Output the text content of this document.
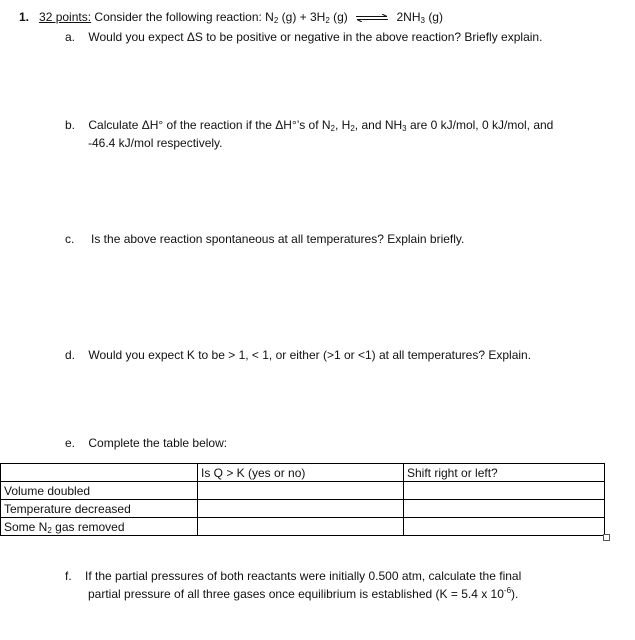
1. 32 points: Consider the following reaction: $N_2$ $(g) + 3H_2$ (g) ⇌ $2NH_3$ (g)
a. Would you expect ΔS to be positive or negative in the above reaction? Briefly explain.
b. Calculate ΔH° of the reaction if the ΔH°’s of $N_2$, $H_2$, and $NH_3$ are 0 kJ/mol, 0 kJ/mol, and
-46.4 kJ/mol respectively.
c. Is the above reaction spontaneous at all temperatures? Explain briefly.
d. Would you expect K to be > 1, < 1, or either (>1 or <1) at all temperatures? Explain.
e. Complete the table below:
	Is Q > K (yes or no)	Shift right or left?
Volume doubled		
Temperature decreased		
Some $N_2$ gas removed		
f. If the partial pressures of both reactants were initially 0.500 atm, calculate the final
partial pressure of all three gases once equilibrium is established (K = 5.4 x $10^{-6}$).
